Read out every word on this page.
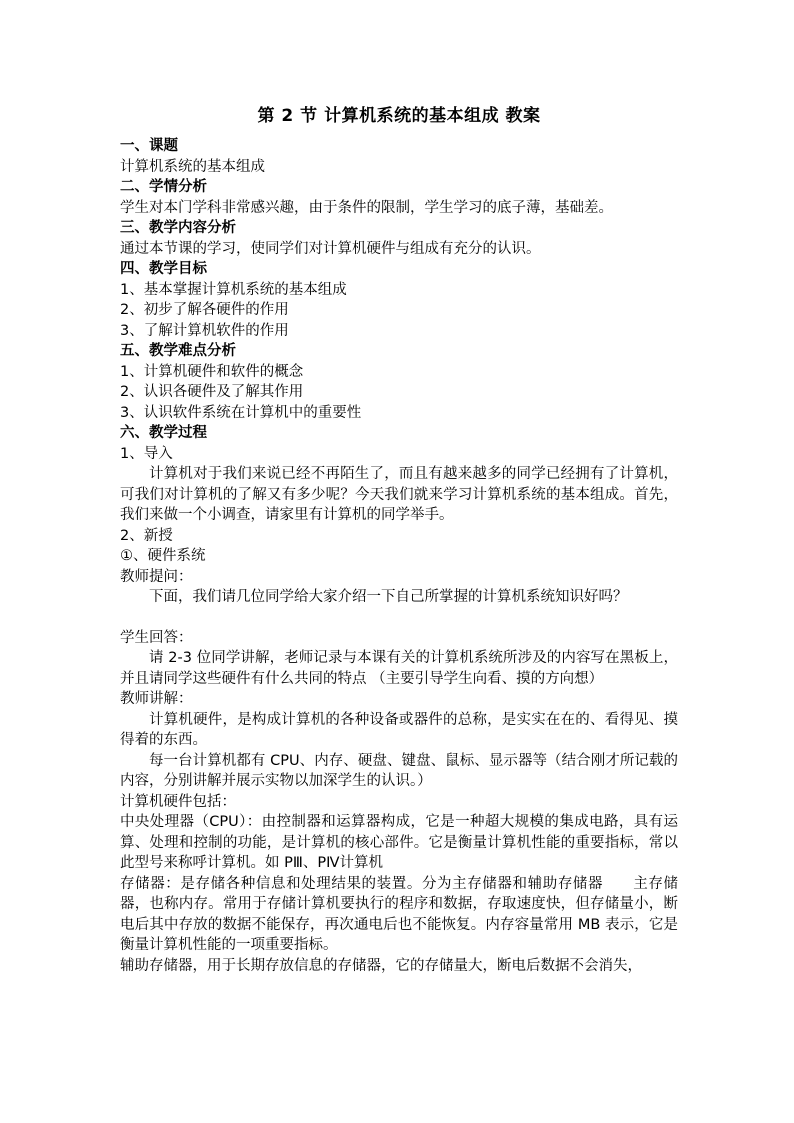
第 2 节 计算机系统的基本组成 教案
一、课题
计算机系统的基本组成
二、学情分析
学生对本门学科非常感兴趣，由于条件的限制，学生学习的底子薄，基础差。
三、教学内容分析
通过本节课的学习，使同学们对计算机硬件与组成有充分的认识。
四、教学目标
1、基本掌握计算机系统的基本组成
2、初步了解各硬件的作用
3、了解计算机软件的作用
五、教学难点分析
1、计算机硬件和软件的概念
2、认识各硬件及了解其作用
3、认识软件系统在计算机中的重要性
六、教学过程
1、导入
计算机对于我们来说已经不再陌生了，而且有越来越多的同学已经拥有了计算机，可我们对计算机的了解又有多少呢？今天我们就来学习计算机系统的基本组成。首先，我们来做一个小调查，请家里有计算机的同学举手。
2、新授
①、硬件系统
教师提问：
下面，我们请几位同学给大家介绍一下自己所掌握的计算机系统知识好吗？
学生回答：
请 2-3 位同学讲解，老师记录与本课有关的计算机系统所涉及的内容写在黑板上，并且请同学这些硬件有什么共同的特点 （主要引导学生向看、摸的方向想）
教师讲解：
计算机硬件，是构成计算机的各种设备或器件的总称，是实实在在的、看得见、摸得着的东西。
每一台计算机都有 CPU、内存、硬盘、键盘、鼠标、显示器等（结合刚才所记载的内容，分别讲解并展示实物以加深学生的认识。）
计算机硬件包括：
中央处理器（CPU）：由控制器和运算器构成，它是一种超大规模的集成电路，具有运算、处理和控制的功能，是计算机的核心部件。它是衡量计算机性能的重要指标，常以此型号来称呼计算机。如 PⅢ、PⅣ计算机
存储器：是存储各种信息和处理结果的装置。分为主存储器和辅助存储器　　主存储器，也称内存。常用于存储计算机要执行的程序和数据，存取速度快，但存储量小，断电后其中存放的数据不能保存，再次通电后也不能恢复。内存容量常用 MB 表示，它是衡量计算机性能的一项重要指标。
辅助存储器，用于长期存放信息的存储器，它的存储量大，断电后数据不会消失，
